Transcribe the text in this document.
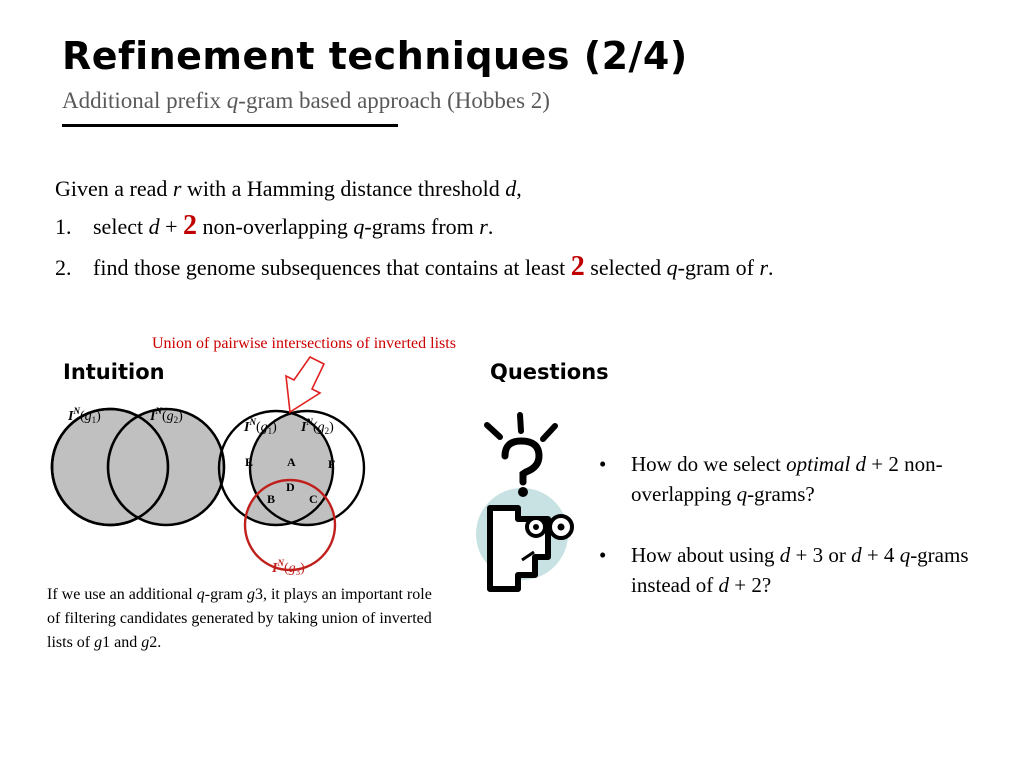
Refinement techniques (2/4)
Additional prefix q-gram based approach (Hobbes 2)
Given a read r with a Hamming distance threshold d,
1. select d + 2 non-overlapping q-grams from r.
2. find those genome subsequences that contains at least 2 selected q-gram of r.
Union of pairwise intersections of inverted lists
Intuition	Questions
$I^N(g_1)$	$I^N(g_2)$
E	A	F
D
B	C
$I^N(g_1)$ $I^N(g_2)$
$I^N(g_3)$
If we use an additional q-gram g3, it plays an important role of filtering candidates generated by taking union of inverted lists of g1 and g2.
• How do we select optimal d + 2 non-overlapping q-grams?
• How about using d + 3 or d + 4 q-grams instead of d + 2?
